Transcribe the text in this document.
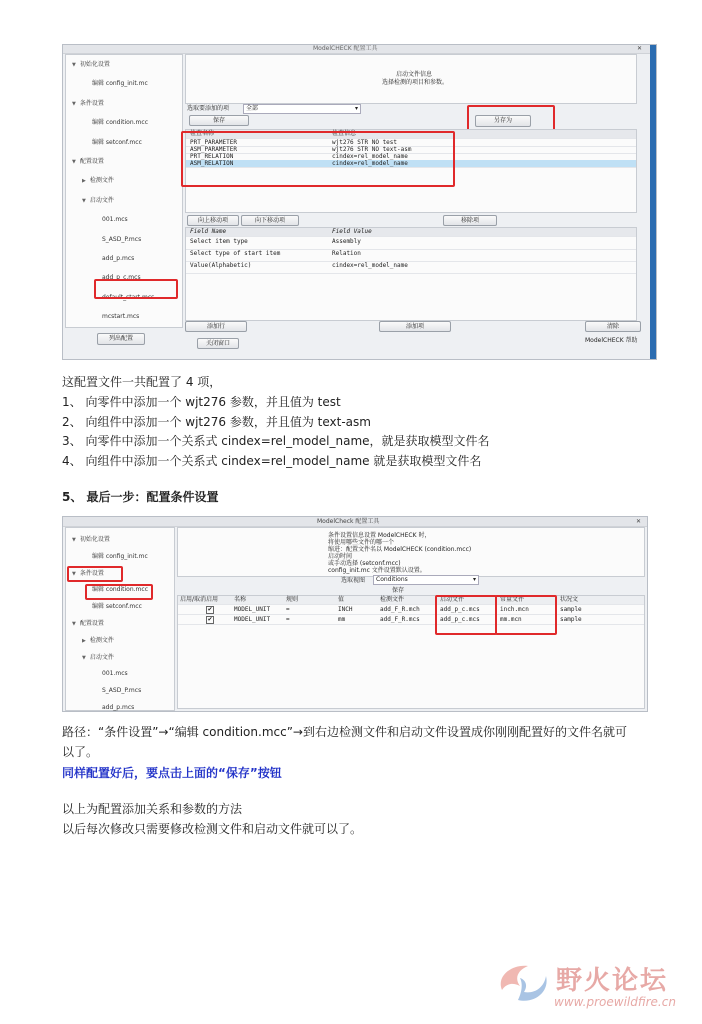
ModelCHECK 配置工具	✕
▼ 初始化设置
编辑 config_init.mc
▼ 条件设置
编辑 condition.mcc
编辑 setconf.mcc
▼ 配置设置
▶ 检测文件
▼ 启动文件
001.mcs
S_ASD_P.mcs
add_p.mcs
add_p_c.mcs
default_start.mcs
mcstart.mcs
列出配置
启动文件信息
选择检测的项目和参数。
选取要添加的项	全部	▾
保存	另存为
检查名称	检查信息
PRT_PARAMETER	wjt276 STR NO test
ASM_PARAMETER	wjt276 STR NO text-asm
PRT_RELATION	cindex=rel_model_name
ASM_RELATION	cindex=rel_model_name
向上移动项	向下移动项	移除项
Field Name	Field Value
Select item type	Assembly
Select type of start item	Relation
Value(Alphabetic)	cindex=rel_model_name
添加行	添加项	清除
关闭窗口	ModelCHECK 帮助
这配置文件一共配置了 4 项，
1、 向零件中添加一个 wjt276 参数，并且值为 test
2、 向组件中添加一个 wjt276 参数，并且值为 text-asm
3、 向零件中添加一个关系式 cindex=rel_model_name，就是获取模型文件名
4、 向组件中添加一个关系式 cindex=rel_model_name 就是获取模型文件名
5、 最后一步：配置条件设置
ModelCheck 配置工具	✕
▼ 初始化设置
编辑 config_init.mc
▼ 条件设置
编辑 condition.mcc
编辑 setconf.mcc
▼ 配置设置
▶ 检测文件
▼ 启动文件
001.mcs
S_ASD_P.mcs
add_p.mcs
条件设置信息设置 ModelCHECK 时，
将使用哪些文件的哪一个
缩进：配置文件名以 ModelCHECK (condition.mcc)
启动时间
或手动选择 (setconf.mcc)
config_init.mc 文件设置默认设置。
选取视图 Conditions	▾
保存
启用/取消启用	名称	规则	值	检测文件	启动文件	常量文件	状况文
✔	MODEL_UNIT	=	INCH	add_F_R.mch	add_p_c.mcs	inch.mcn	sample
✔	MODEL_UNIT	=	mm	add_F_R.mcs	add_p_c.mcs	mm.mcn	sample
路径：“条件设置”→“编辑 condition.mcc”→到右边检测文件和启动文件设置成你刚刚配置好的文件名就可
以了。
同样配置好后，要点击上面的“保存”按钮
以上为配置添加关系和参数的方法
以后每次修改只需要修改检测文件和启动文件就可以了。
野火论坛
www.proewildfire.cn
